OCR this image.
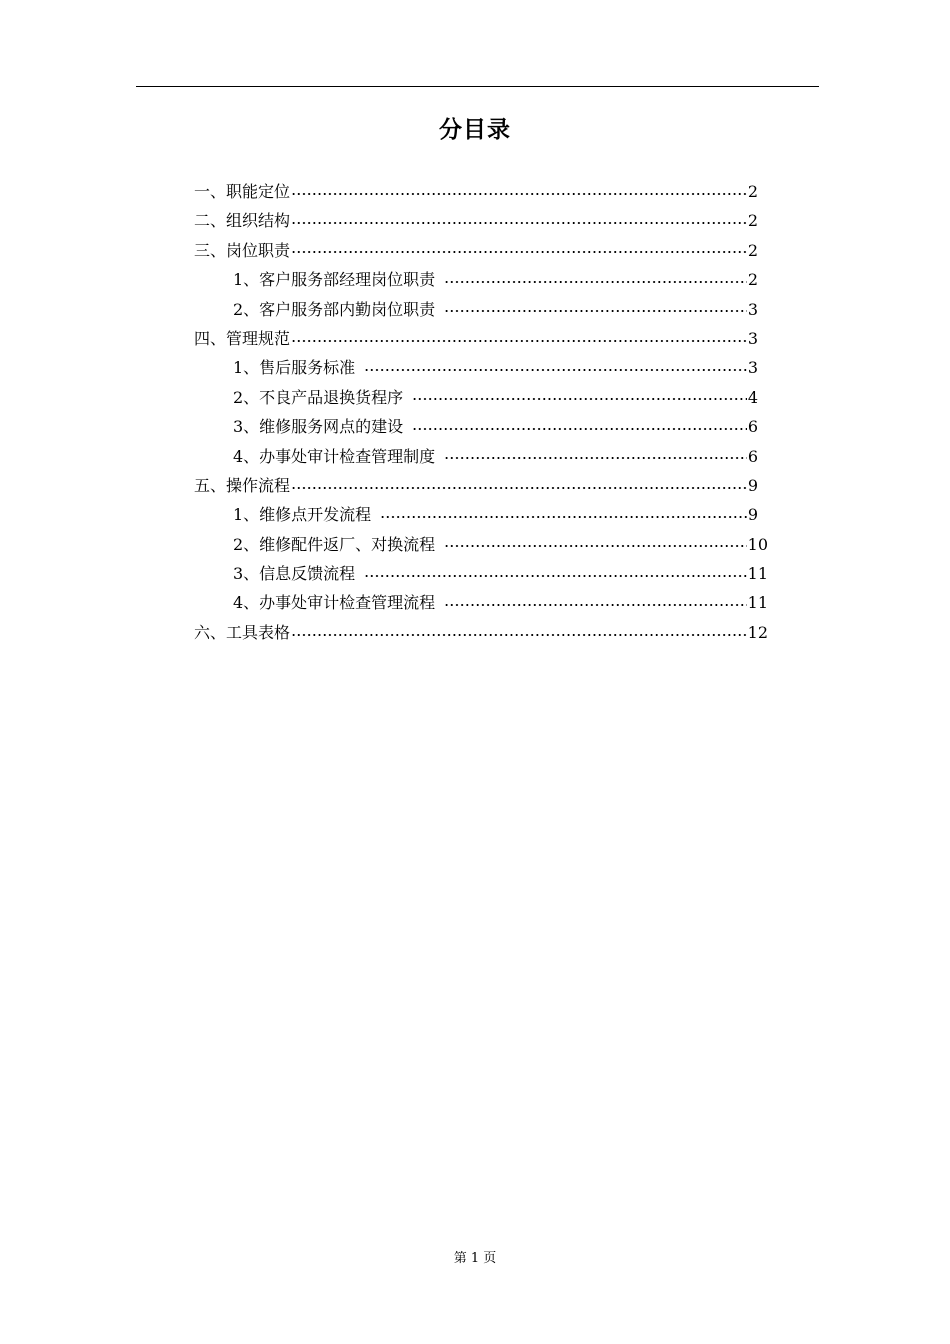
分目录
一、职能定位	2
二、组织结构	2
三、岗位职责	2
1、客户服务部经理岗位职责	2
2、客户服务部内勤岗位职责	3
四、管理规范	3
1、售后服务标准	3
2、不良产品退换货程序	4
3、维修服务网点的建设	6
4、办事处审计检查管理制度	6
五、操作流程	9
1、维修点开发流程	9
2、维修配件返厂、对换流程	10
3、信息反馈流程	11
4、办事处审计检查管理流程	11
六、工具表格	12
第 1 页
